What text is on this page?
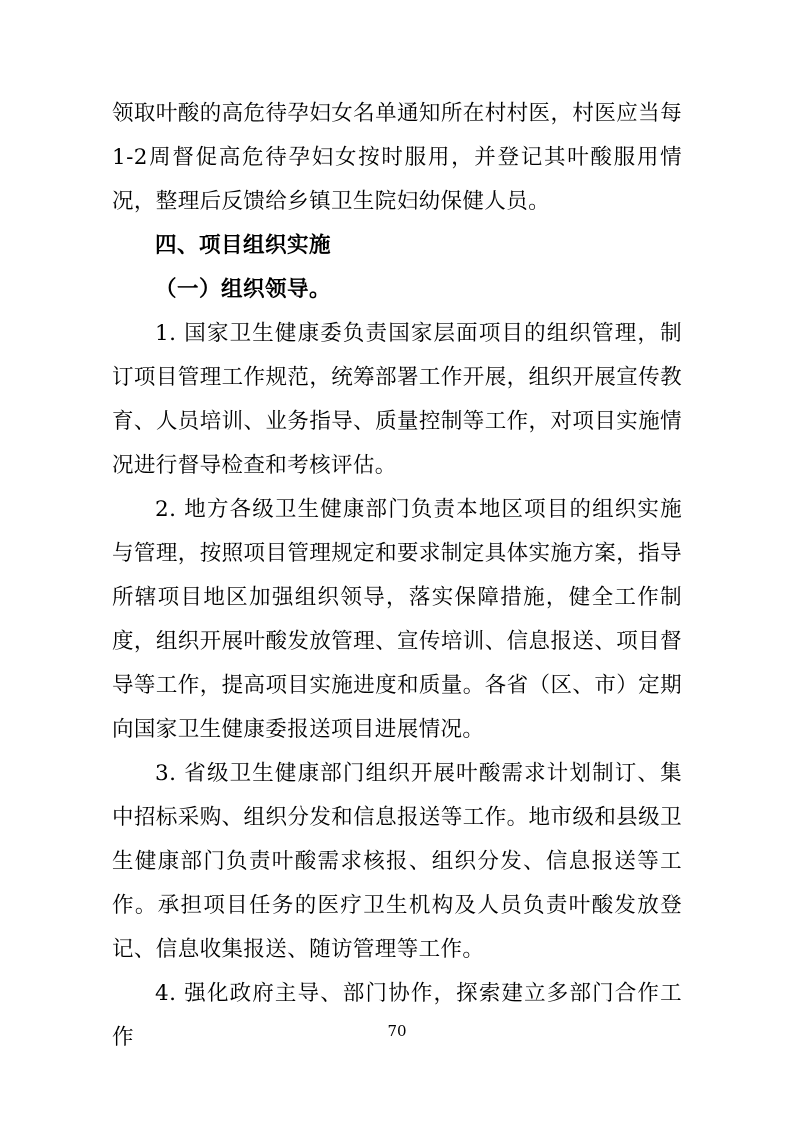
领取叶酸的高危待孕妇女名单通知所在村村医，村医应当每1-2周督促高危待孕妇女按时服用，并登记其叶酸服用情况，整理后反馈给乡镇卫生院妇幼保健人员。

四、项目组织实施

（一）组织领导。

1. 国家卫生健康委负责国家层面项目的组织管理，制订项目管理工作规范，统筹部署工作开展，组织开展宣传教育、人员培训、业务指导、质量控制等工作，对项目实施情况进行督导检查和考核评估。

2. 地方各级卫生健康部门负责本地区项目的组织实施与管理，按照项目管理规定和要求制定具体实施方案，指导所辖项目地区加强组织领导，落实保障措施，健全工作制度，组织开展叶酸发放管理、宣传培训、信息报送、项目督导等工作，提高项目实施进度和质量。各省（区、市）定期向国家卫生健康委报送项目进展情况。

3. 省级卫生健康部门组织开展叶酸需求计划制订、集中招标采购、组织分发和信息报送等工作。地市级和县级卫生健康部门负责叶酸需求核报、组织分发、信息报送等工作。承担项目任务的医疗卫生机构及人员负责叶酸发放登记、信息收集报送、随访管理等工作。

4. 强化政府主导、部门协作，探索建立多部门合作工作	70
